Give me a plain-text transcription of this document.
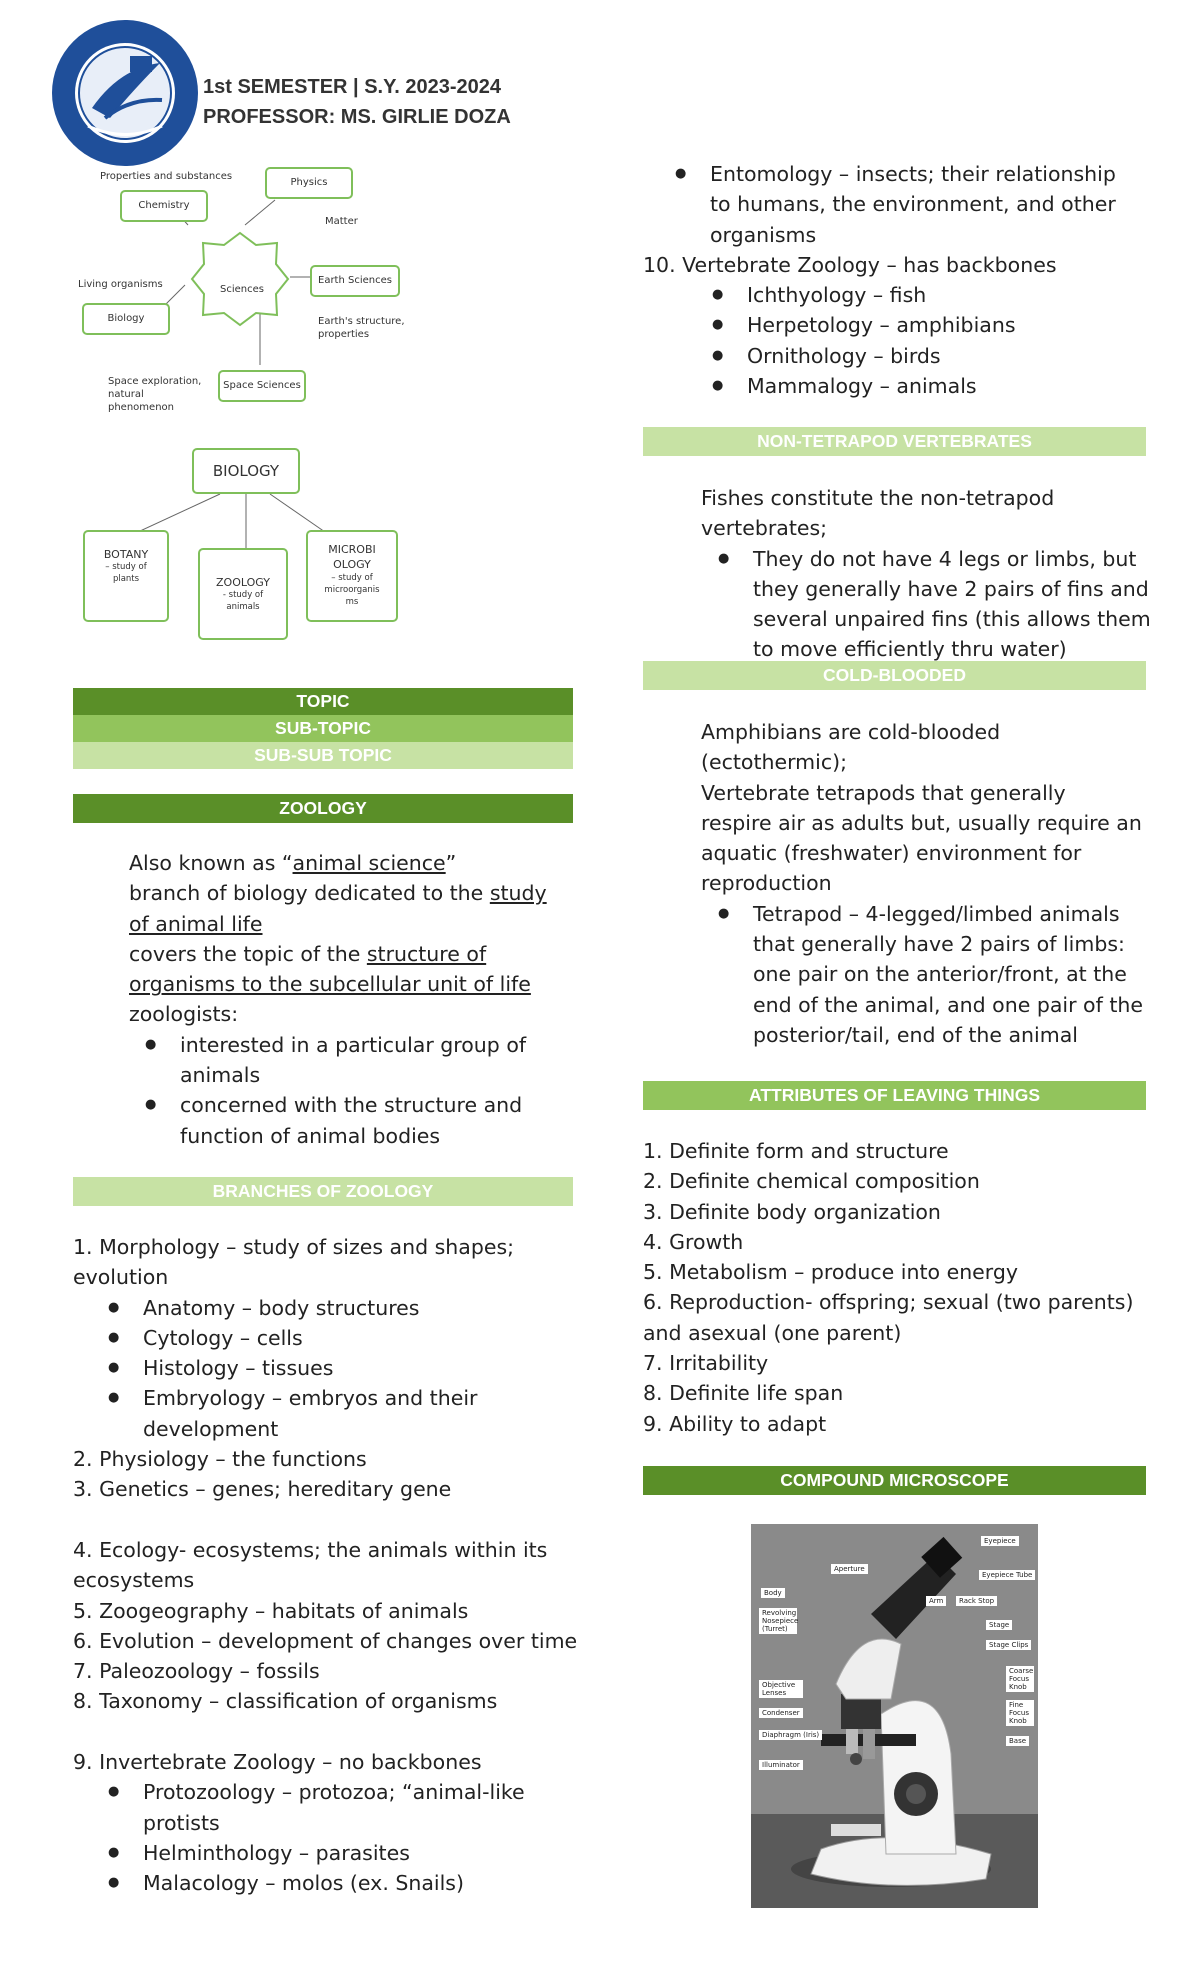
1st SEMESTER | S.Y. 2023-2024
PROFESSOR: MS. GIRLIE DOZA
Sciences
Chemistry
Properties and substances
Physics
Matter
Earth Sciences
Earth's structure, properties
Biology
Living organisms
Space Sciences
Space exploration, natural phenomenon
BIOLOGY
BOTANY
– study of plants	ZOOLOGY
- study of animals
MICROBI OLOGY
– study of microorganis ms
TOPIC
SUB-TOPIC
SUB-SUB TOPIC
ZOOLOGY
Also known as “animal science”
branch of biology dedicated to the study
of animal life
covers the topic of the structure of
organisms to the subcellular unit of life
zoologists:
● interested in a particular group of
animals
● concerned with the structure and
function of animal bodies
BRANCHES OF ZOOLOGY
1. Morphology – study of sizes and shapes;
evolution
● Anatomy – body structures
● Cytology – cells
● Histology – tissues
● Embryology – embryos and their
development
2. Physiology – the functions
3. Genetics – genes; hereditary gene
4. Ecology- ecosystems; the animals within its
ecosystems
5. Zoogeography – habitats of animals
6. Evolution – development of changes over time
7. Paleozoology – fossils
8. Taxonomy – classification of organisms
9. Invertebrate Zoology – no backbones
● Protozoology – protozoa; “animal-like
protists
● Helminthology – parasites
● Malacology – molos (ex. Snails)
● Entomology – insects; their relationship
to humans, the environment, and other
organisms
10. Vertebrate Zoology – has backbones
● Ichthyology – fish
● Herpetology – amphibians
● Ornithology – birds
● Mammalogy – animals
NON-TETRAPOD VERTEBRATES
Fishes constitute the non-tetrapod
vertebrates;
● They do not have 4 legs or limbs, but
they generally have 2 pairs of fins and
several unpaired fins (this allows them
to move efficiently thru water)
COLD-BLOODED
Amphibians are cold-blooded
(ectothermic);
Vertebrate tetrapods that generally
respire air as adults but, usually require an
aquatic (freshwater) environment for
reproduction
● Tetrapod – 4-legged/limbed animals
that generally have 2 pairs of limbs:
one pair on the anterior/front, at the
end of the animal, and one pair of the
posterior/tail, end of the animal
ATTRIBUTES OF LEAVING THINGS
1. Definite form and structure
2. Definite chemical composition
3. Definite body organization
4. Growth
5. Metabolism – produce into energy
6. Reproduction- offspring; sexual (two parents)
and asexual (one parent)
7. Irritability
8. Definite life span
9. Ability to adapt
COMPOUND MICROSCOPE
Eyepiece
Eyepiece Tube
Aperture
Body
Arm	Rack Stop
Revolving Nosepiece (Turret)	Stage
Stage Clips
Coarse Focus Knob
Objective Lenses
Fine Focus Knob
Condenser
Base
Diaphragm (Iris)
Illuminator
